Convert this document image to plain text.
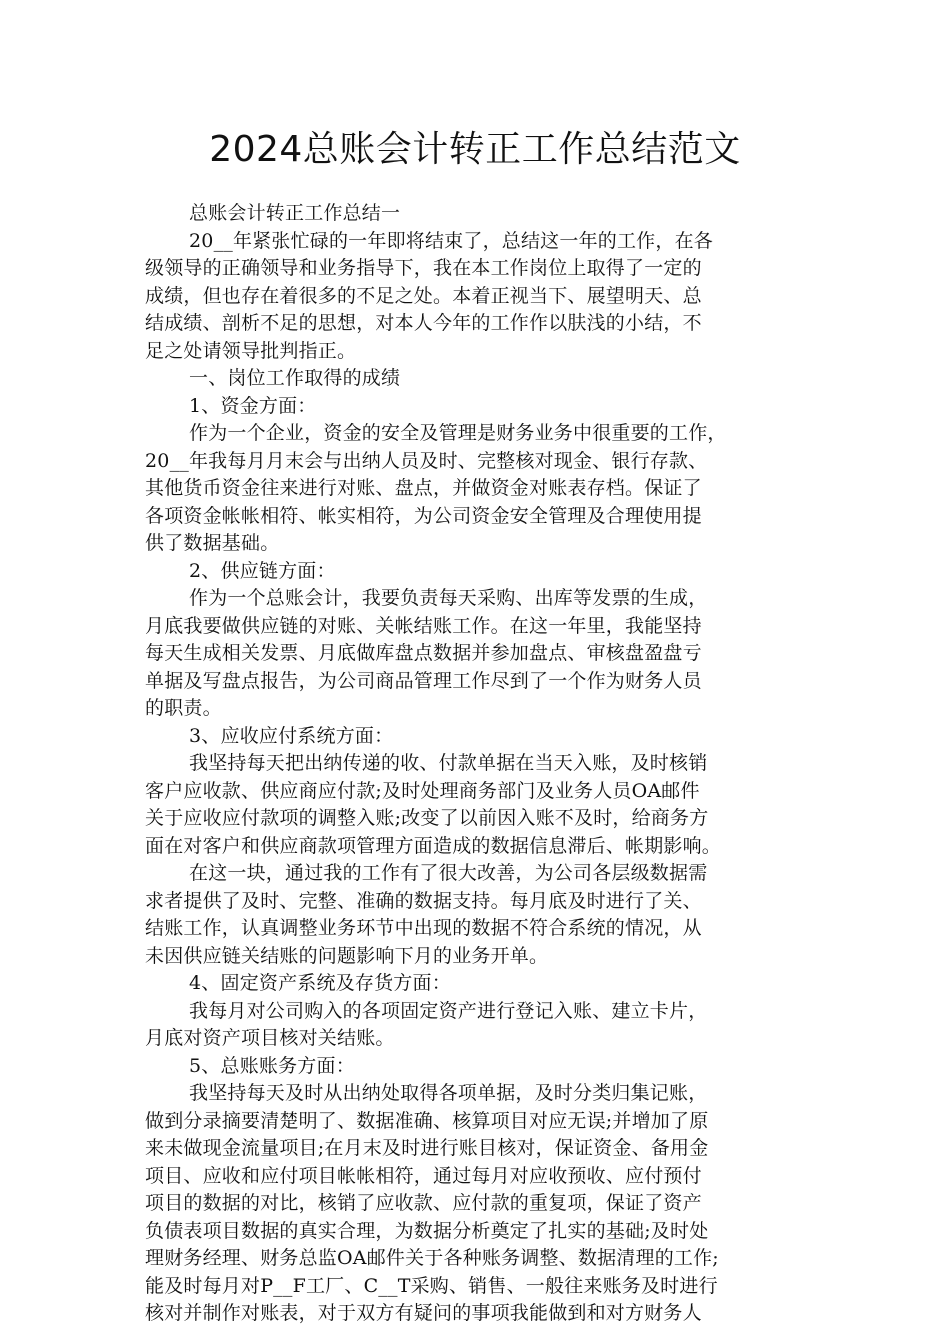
2024总账会计转正工作总结范文
总账会计转正工作总结一
20__年紧张忙碌的一年即将结束了，总结这一年的工作，在各
级领导的正确领导和业务指导下，我在本工作岗位上取得了一定的
成绩，但也存在着很多的不足之处。本着正视当下、展望明天、总
结成绩、剖析不足的思想，对本人今年的工作作以肤浅的小结，不
足之处请领导批判指正。
一、岗位工作取得的成绩
1、资金方面：
作为一个企业，资金的安全及管理是财务业务中很重要的工作，
20__年我每月月末会与出纳人员及时、完整核对现金、银行存款、
其他货币资金往来进行对账、盘点，并做资金对账表存档。保证了
各项资金帐帐相符、帐实相符，为公司资金安全管理及合理使用提
供了数据基础。
2、供应链方面：
作为一个总账会计，我要负责每天采购、出库等发票的生成，
月底我要做供应链的对账、关帐结账工作。在这一年里，我能坚持
每天生成相关发票、月底做库盘点数据并参加盘点、审核盘盈盘亏
单据及写盘点报告，为公司商品管理工作尽到了一个作为财务人员
的职责。
3、应收应付系统方面：
我坚持每天把出纳传递的收、付款单据在当天入账，及时核销
客户应收款、供应商应付款;及时处理商务部门及业务人员OA邮件
关于应收应付款项的调整入账;改变了以前因入账不及时，给商务方
面在对客户和供应商款项管理方面造成的数据信息滞后、帐期影响。
在这一块，通过我的工作有了很大改善，为公司各层级数据需
求者提供了及时、完整、准确的数据支持。每月底及时进行了关、
结账工作，认真调整业务环节中出现的数据不符合系统的情况，从
未因供应链关结账的问题影响下月的业务开单。
4、固定资产系统及存货方面：
我每月对公司购入的各项固定资产进行登记入账、建立卡片，
月底对资产项目核对关结账。
5、总账账务方面：
我坚持每天及时从出纳处取得各项单据，及时分类归集记账，
做到分录摘要清楚明了、数据准确、核算项目对应无误;并增加了原
来未做现金流量项目;在月末及时进行账目核对，保证资金、备用金
项目、应收和应付项目帐帐相符，通过每月对应收预收、应付预付
项目的数据的对比，核销了应收款、应付款的重复项，保证了资产
负债表项目数据的真实合理，为数据分析奠定了扎实的基础;及时处
理财务经理、财务总监OA邮件关于各种账务调整、数据清理的工作;
能及时每月对P__F工厂、C__T采购、销售、一般往来账务及时进行
核对并制作对账表，对于双方有疑问的事项我能做到和对方财务人
